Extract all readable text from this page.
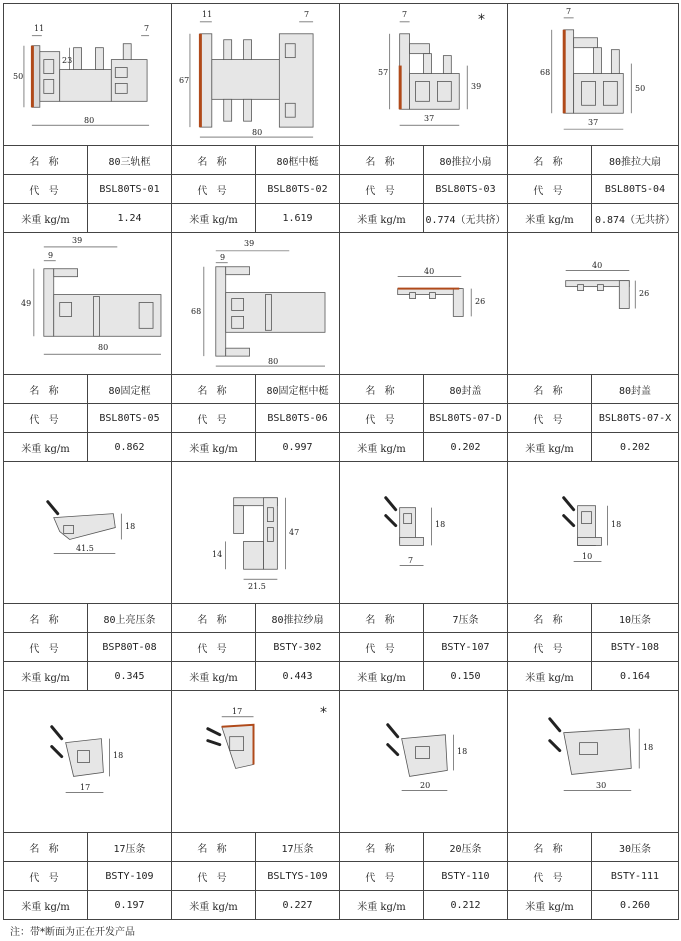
11 7
50
23
80		11 7
67
80		*
7
57
39
37		7
68
50
37	

名 称	80三轨框	名 称	80框中梃	名 称	80推拉小扇	名 称	80推拉大扇
代 号	BSL80TS-01	代 号	BSL80TS-02	代 号	BSL80TS-03	代 号	BSL80TS-04
米重 kg/m	1.24	米重 kg/m	1.619	米重 kg/m	0.774（无共挤）	米重 kg/m	0.874（无共挤）

39
9
49
80		39
9
68
80		40
26		40
26	

名 称	80固定框	名 称	80固定框中梃	名 称	80封盖	名 称	80封盖
代 号	BSL80TS-05	代 号	BSL80TS-06	代 号	BSL80TS-07-D	代 号	BSL80TS-07-X
米重 kg/m	0.862	米重 kg/m	0.997	米重 kg/m	0.202	米重 kg/m	0.202

18
41.5		47
14
21.5		18
7		18
10	

名 称	80上亮压条	名 称	80推拉纱扇	名 称	7压条	名 称	10压条
代 号	BSP80T-08	代 号	BSTY-302	代 号	BSTY-107	代 号	BSTY-108
米重 kg/m	0.345	米重 kg/m	0.443	米重 kg/m	0.150	米重 kg/m	0.164

18
17		*
17		18
20		18
30	

名 称	17压条	名 称	17压条	名 称	20压条	名 称	30压条
代 号	BSTY-109	代 号	BSLTYS-109	代 号	BSTY-110	代 号	BSTY-111
米重 kg/m	0.197	米重 kg/m	0.227	米重 kg/m	0.212	米重 kg/m	0.260
注：带*断面为正在开发产品
